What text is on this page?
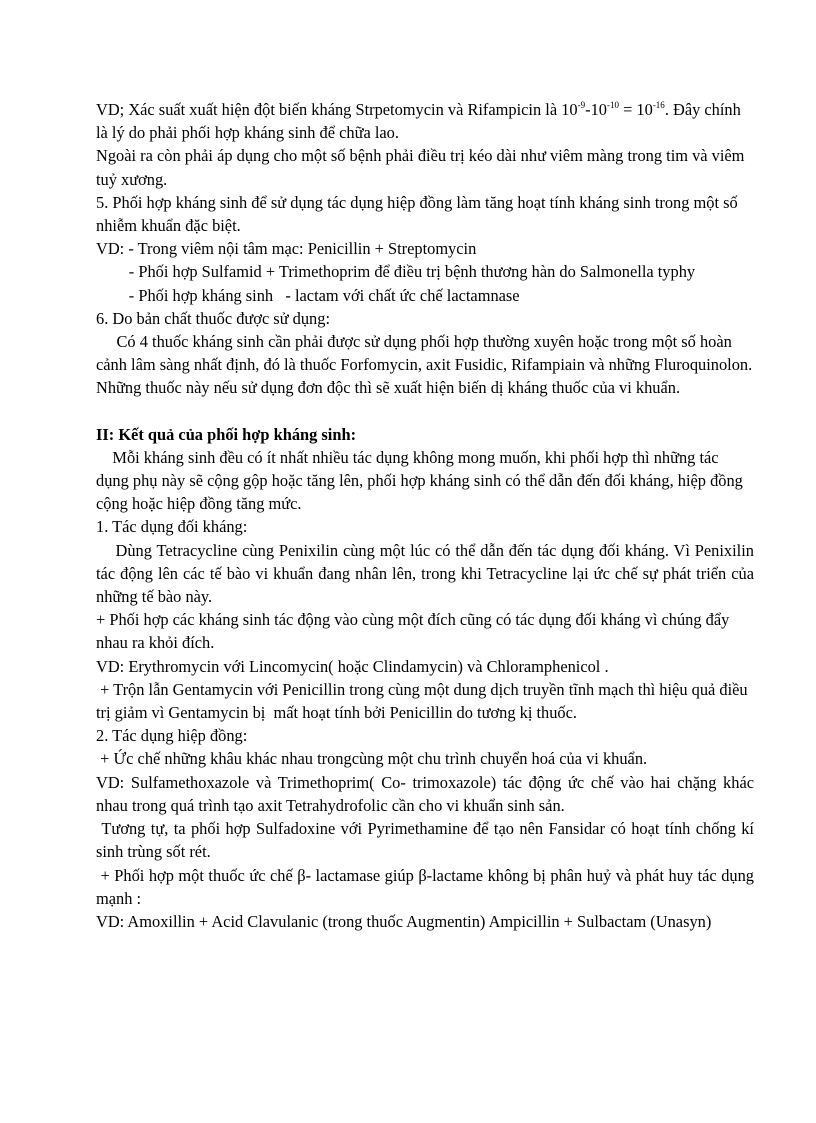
VD; Xác suất xuất hiện đột biến kháng Strpetomycin và Rifampicin là $10^{-9}-10^{-10} = 10^{-16}$. Đây chính là lý do phải phối hợp kháng sinh để chữa lao.

Ngoài ra còn phải áp dụng cho một số bệnh phải điều trị kéo dài như viêm màng trong tim và viêm tuỷ xương.

5. Phối hợp kháng sinh để sử dụng tác dụng hiệp đồng làm tăng hoạt tính kháng sinh trong một số nhiễm khuẩn đặc biệt.

VD: - Trong viêm nội tâm mạc: Penicillin + Streptomycin

- Phối hợp Sulfamid + Trimethoprim để điều trị bệnh thương hàn do Salmonella typhy

- Phối hợp kháng sinh   - lactam với chất ức chế lactamnase

6. Do bản chất thuốc được sử dụng:

Có 4 thuốc kháng sinh cần phải được sử dụng phối hợp thường xuyên hoặc trong một số hoàn cảnh lâm sàng nhất định, đó là thuốc Forfomycin, axit Fusidic, Rifampiain và những Fluroquinolon. Những thuốc này nếu sử dụng đơn độc thì sẽ xuất hiện biến dị kháng thuốc của vi khuẩn.

II: Kết quả của phối hợp kháng sinh:

Mỗi kháng sinh đều có ít nhất nhiều tác dụng không mong muốn, khi phối hợp thì những tác dụng phụ này sẽ cộng gộp hoặc tăng lên, phối hợp kháng sinh có thể dẫn đến đối kháng, hiệp đồng cộng hoặc hiệp đồng tăng mức.

1. Tác dụng đối kháng:

Dùng Tetracycline cùng Penixilin cùng một lúc có thể dẫn đến tác dụng đối kháng. Vì Penixilin tác động lên các tế bào vi khuẩn đang nhân lên, trong khi Tetracycline lại ức chế sự phát triển của những tế bào này.

+ Phối hợp các kháng sinh tác động vào cùng một đích cũng có tác dụng đối kháng vì chúng đẩy nhau ra khỏi đích.

VD: Erythromycin với Lincomycin( hoặc Clindamycin) và Chloramphenicol .

+ Trộn lẫn Gentamycin với Penicillin trong cùng một dung dịch truyền tĩnh mạch thì hiệu quả điều trị giảm vì Gentamycin bị  mất hoạt tính bởi Penicillin do tương kị thuốc.

2. Tác dụng hiệp đồng:

+ Ức chế những khâu khác nhau trongcùng một chu trình chuyển hoá của vi khuẩn.

VD: Sulfamethoxazole và Trimethoprim( Co- trimoxazole) tác động ức chế vào hai chặng khác nhau trong quá trình tạo axit Tetrahydrofolic cần cho vi khuẩn sinh sản.

Tương tự, ta phối hợp Sulfadoxine với Pyrimethamine để tạo nên Fansidar có hoạt tính chống kí sinh trùng sốt rét.

+ Phối hợp một thuốc ức chế β- lactamase giúp β-lactame không bị phân huỷ và phát huy tác dụng mạnh :

VD: Amoxillin + Acid Clavulanic (trong thuốc Augmentin) Ampicillin + Sulbactam (Unasyn)
